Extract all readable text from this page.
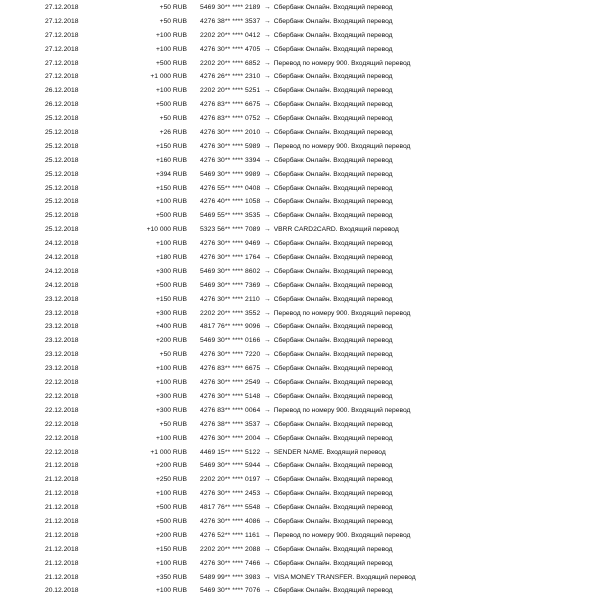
27.12.2018	+50 RUB 5469 30** **** 2189 → Сбербанк Онлайн. Входящий перевод
27.12.2018	+50 RUB 4276 38** **** 3537 → Сбербанк Онлайн. Входящий перевод
27.12.2018	+100 RUB 2202 20** **** 0412 → Сбербанк Онлайн. Входящий перевод
27.12.2018	+100 RUB 4276 30** **** 4705 → Сбербанк Онлайн. Входящий перевод
27.12.2018	+500 RUB 2202 20** **** 6852 → Перевод по номеру 900. Входящий перевод
27.12.2018	+1 000 RUB 4276 26** **** 2310 → Сбербанк Онлайн. Входящий перевод
26.12.2018	+100 RUB 2202 20** **** 5251 → Сбербанк Онлайн. Входящий перевод
26.12.2018	+500 RUB 4276 83** **** 6675 → Сбербанк Онлайн. Входящий перевод
25.12.2018	+50 RUB 4276 83** **** 0752 → Сбербанк Онлайн. Входящий перевод
25.12.2018	+26 RUB 4276 30** **** 2010 → Сбербанк Онлайн. Входящий перевод
25.12.2018	+150 RUB 4276 30** **** 5989 → Перевод по номеру 900. Входящий перевод
25.12.2018	+160 RUB 4276 30** **** 3394 → Сбербанк Онлайн. Входящий перевод
25.12.2018	+394 RUB 5469 30** **** 9989 → Сбербанк Онлайн. Входящий перевод
25.12.2018	+150 RUB 4276 55** **** 0408 → Сбербанк Онлайн. Входящий перевод
25.12.2018	+100 RUB 4276 40** **** 1058 → Сбербанк Онлайн. Входящий перевод
25.12.2018	+500 RUB 5469 55** **** 3535 → Сбербанк Онлайн. Входящий перевод
25.12.2018	+10 000 RUB 5323 56** **** 7089 → VBRR CARD2CARD. Входящий перевод
24.12.2018	+100 RUB 4276 30** **** 9469 → Сбербанк Онлайн. Входящий перевод
24.12.2018	+180 RUB 4276 30** **** 1764 → Сбербанк Онлайн. Входящий перевод
24.12.2018	+300 RUB 5469 30** **** 8602 → Сбербанк Онлайн. Входящий перевод
24.12.2018	+500 RUB 5469 30** **** 7369 → Сбербанк Онлайн. Входящий перевод
23.12.2018	+150 RUB 4276 30** **** 2110 → Сбербанк Онлайн. Входящий перевод
23.12.2018	+300 RUB 2202 20** **** 3552 → Перевод по номеру 900. Входящий перевод
23.12.2018	+400 RUB 4817 76** **** 9096 → Сбербанк Онлайн. Входящий перевод
23.12.2018	+200 RUB 5469 30** **** 0166 → Сбербанк Онлайн. Входящий перевод
23.12.2018	+50 RUB 4276 30** **** 7220 → Сбербанк Онлайн. Входящий перевод
23.12.2018	+100 RUB 4276 83** **** 6675 → Сбербанк Онлайн. Входящий перевод
22.12.2018	+100 RUB 4276 30** **** 2549 → Сбербанк Онлайн. Входящий перевод
22.12.2018	+300 RUB 4276 30** **** 5148 → Сбербанк Онлайн. Входящий перевод
22.12.2018	+300 RUB 4276 83** **** 0064 → Перевод по номеру 900. Входящий перевод
22.12.2018	+50 RUB 4276 38** **** 3537 → Сбербанк Онлайн. Входящий перевод
22.12.2018	+100 RUB 4276 30** **** 2004 → Сбербанк Онлайн. Входящий перевод
22.12.2018	+1 000 RUB 4469 15** **** 5122 → SENDER NAME. Входящий перевод
21.12.2018	+200 RUB 5469 30** **** 5944 → Сбербанк Онлайн. Входящий перевод
21.12.2018	+250 RUB 2202 20** **** 0197 → Сбербанк Онлайн. Входящий перевод
21.12.2018	+100 RUB 4276 30** **** 2453 → Сбербанк Онлайн. Входящий перевод
21.12.2018	+500 RUB 4817 76** **** 5548 → Сбербанк Онлайн. Входящий перевод
21.12.2018	+500 RUB 4276 30** **** 4086 → Сбербанк Онлайн. Входящий перевод
21.12.2018	+200 RUB 4276 52** **** 1161 → Перевод по номеру 900. Входящий перевод
21.12.2018	+150 RUB 2202 20** **** 2088 → Сбербанк Онлайн. Входящий перевод
21.12.2018	+100 RUB 4276 30** **** 7466 → Сбербанк Онлайн. Входящий перевод
21.12.2018	+350 RUB 5489 99** **** 3983 → VISA MONEY TRANSFER. Входящий перевод
20.12.2018	+100 RUB 5469 30** **** 7076 → Сбербанк Онлайн. Входящий перевод
